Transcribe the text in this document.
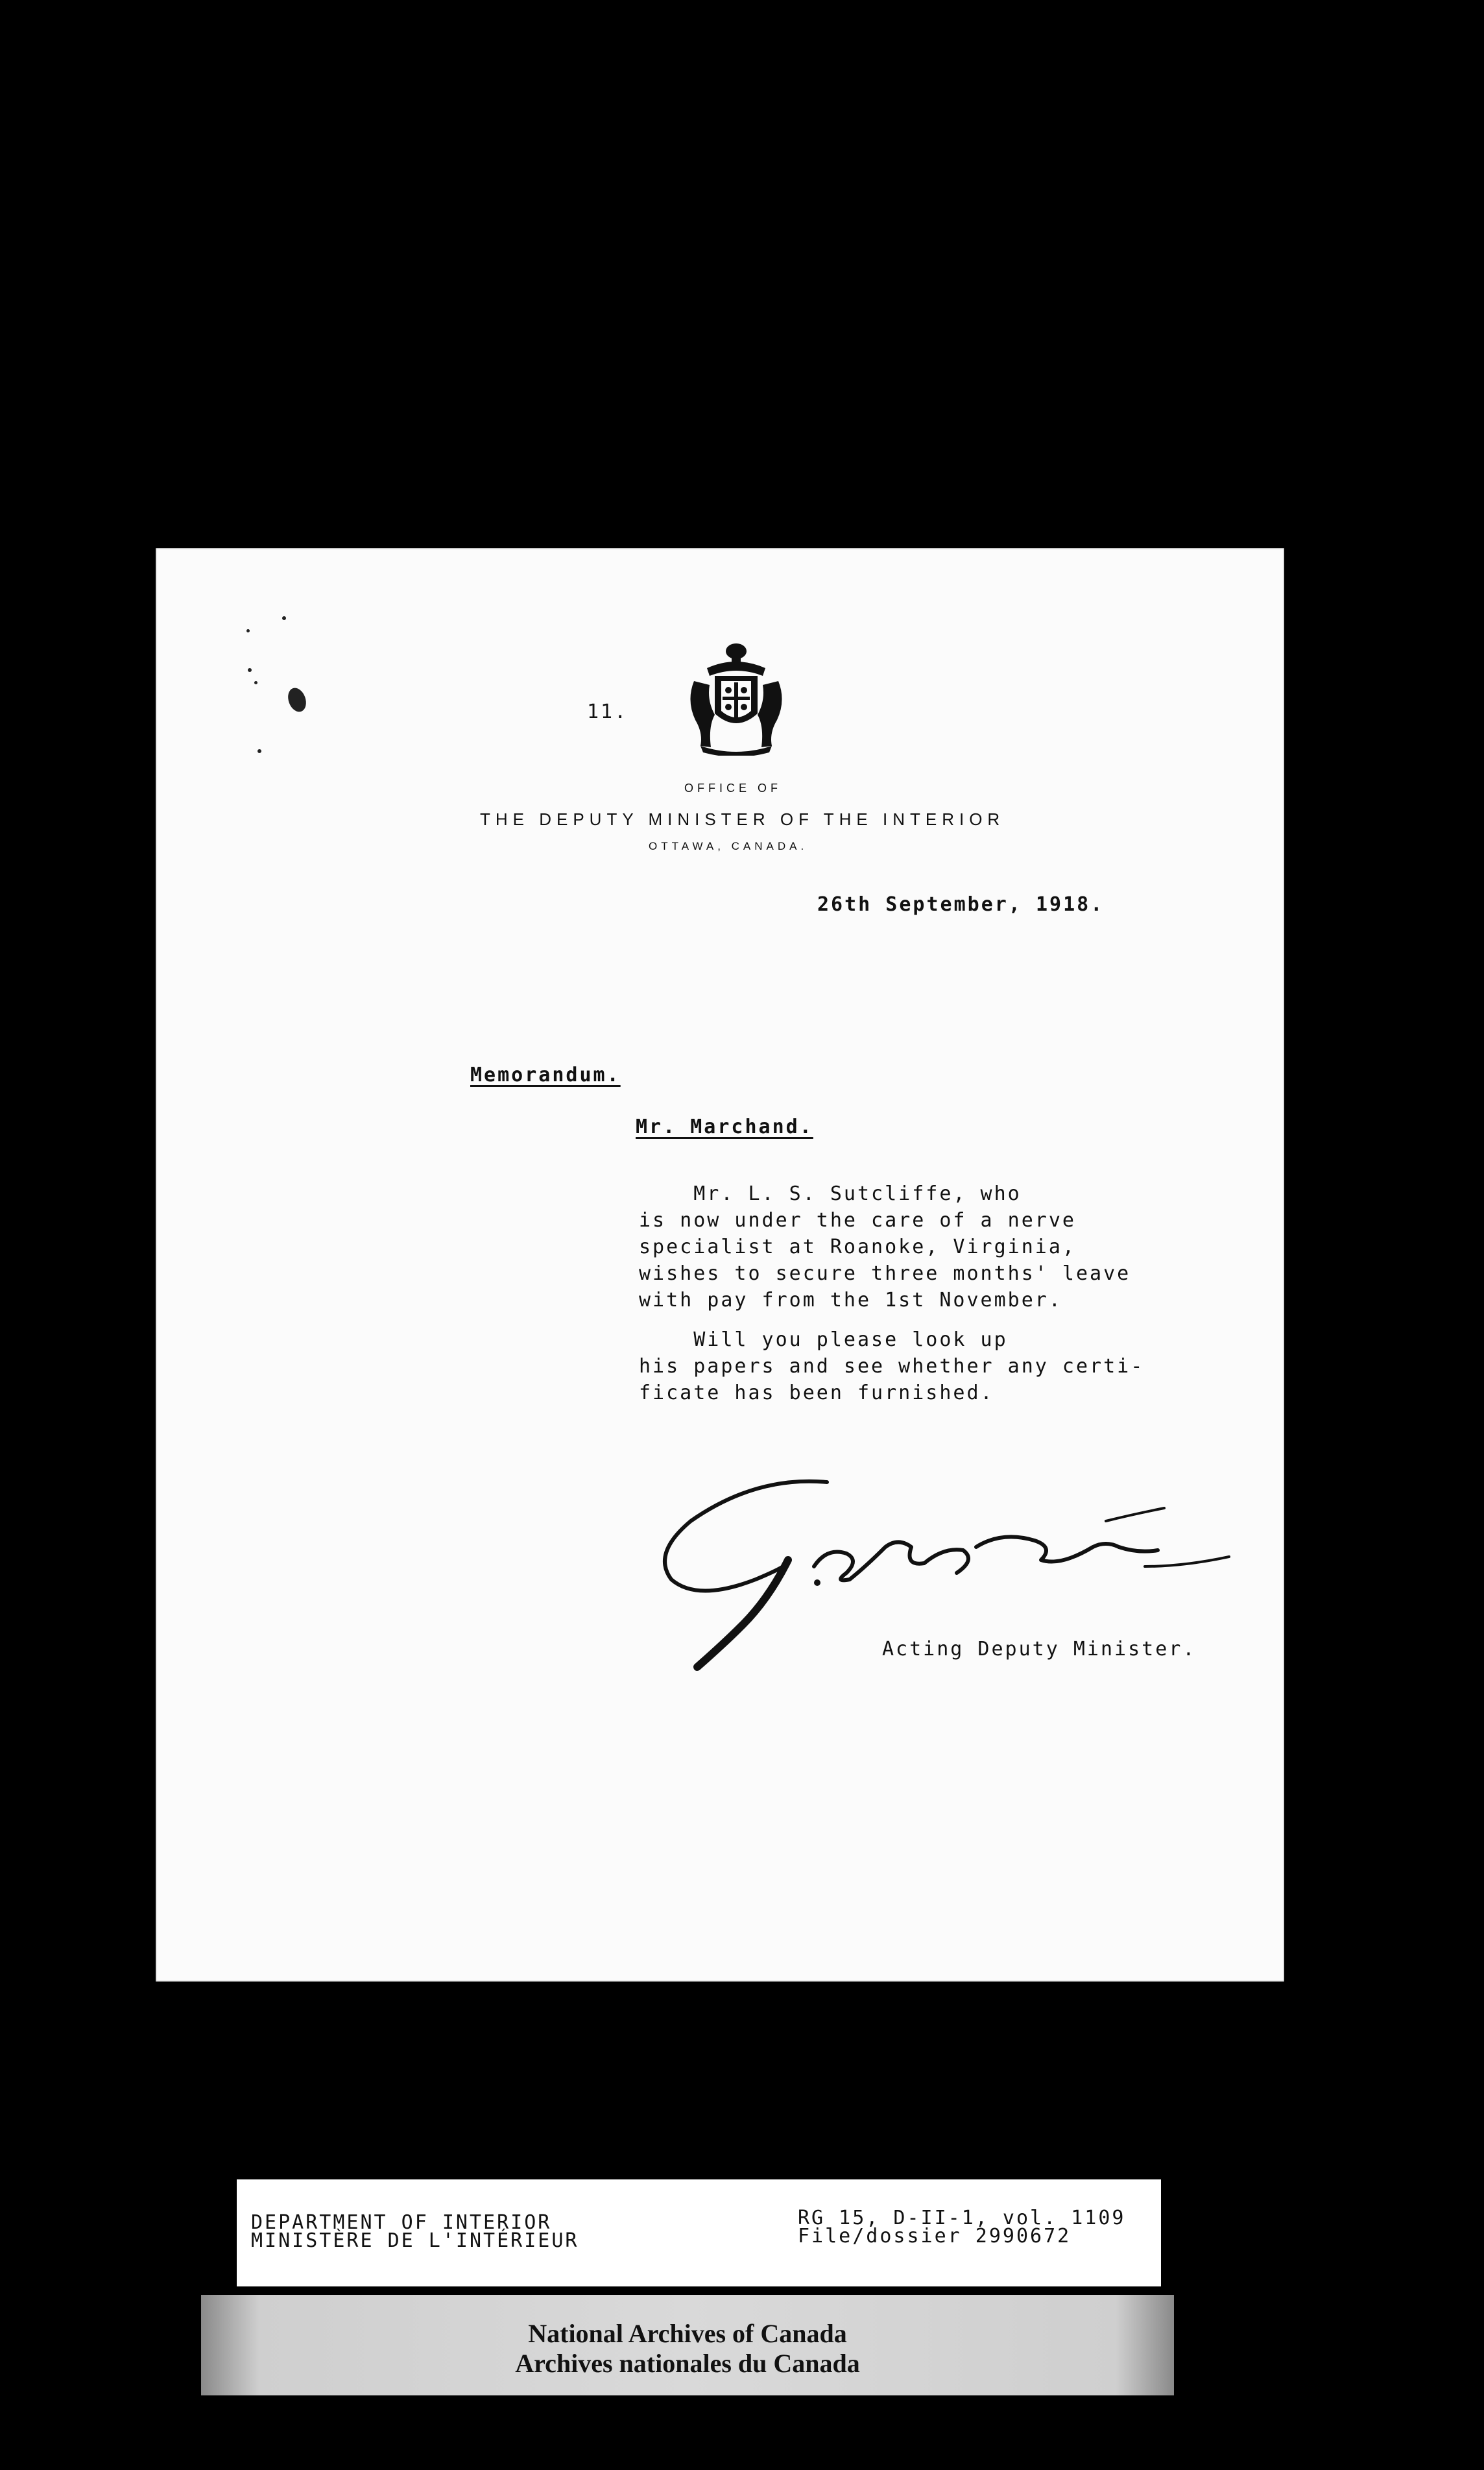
11.
OFFICE OF
THE DEPUTY MINISTER OF THE INTERIOR
OTTAWA, CANADA.
26th September, 1918.
Memorandum.
Mr. Marchand.
Mr. L. S. Sutcliffe, who
is now under the care of a nerve
specialist at Roanoke, Virginia,
wishes to secure three months' leave
with pay from the 1st November.
Will you please look up
his papers and see whether any certi-
ficate has been furnished.
Acting Deputy Minister.
DEPARTMENT OF INTERIOR
MINISTÈRE DE L'INTÉRIEUR
RG 15, D-II-1, vol. 1109
File/dossier 2990672
National Archives of Canada
Archives nationales du Canada
